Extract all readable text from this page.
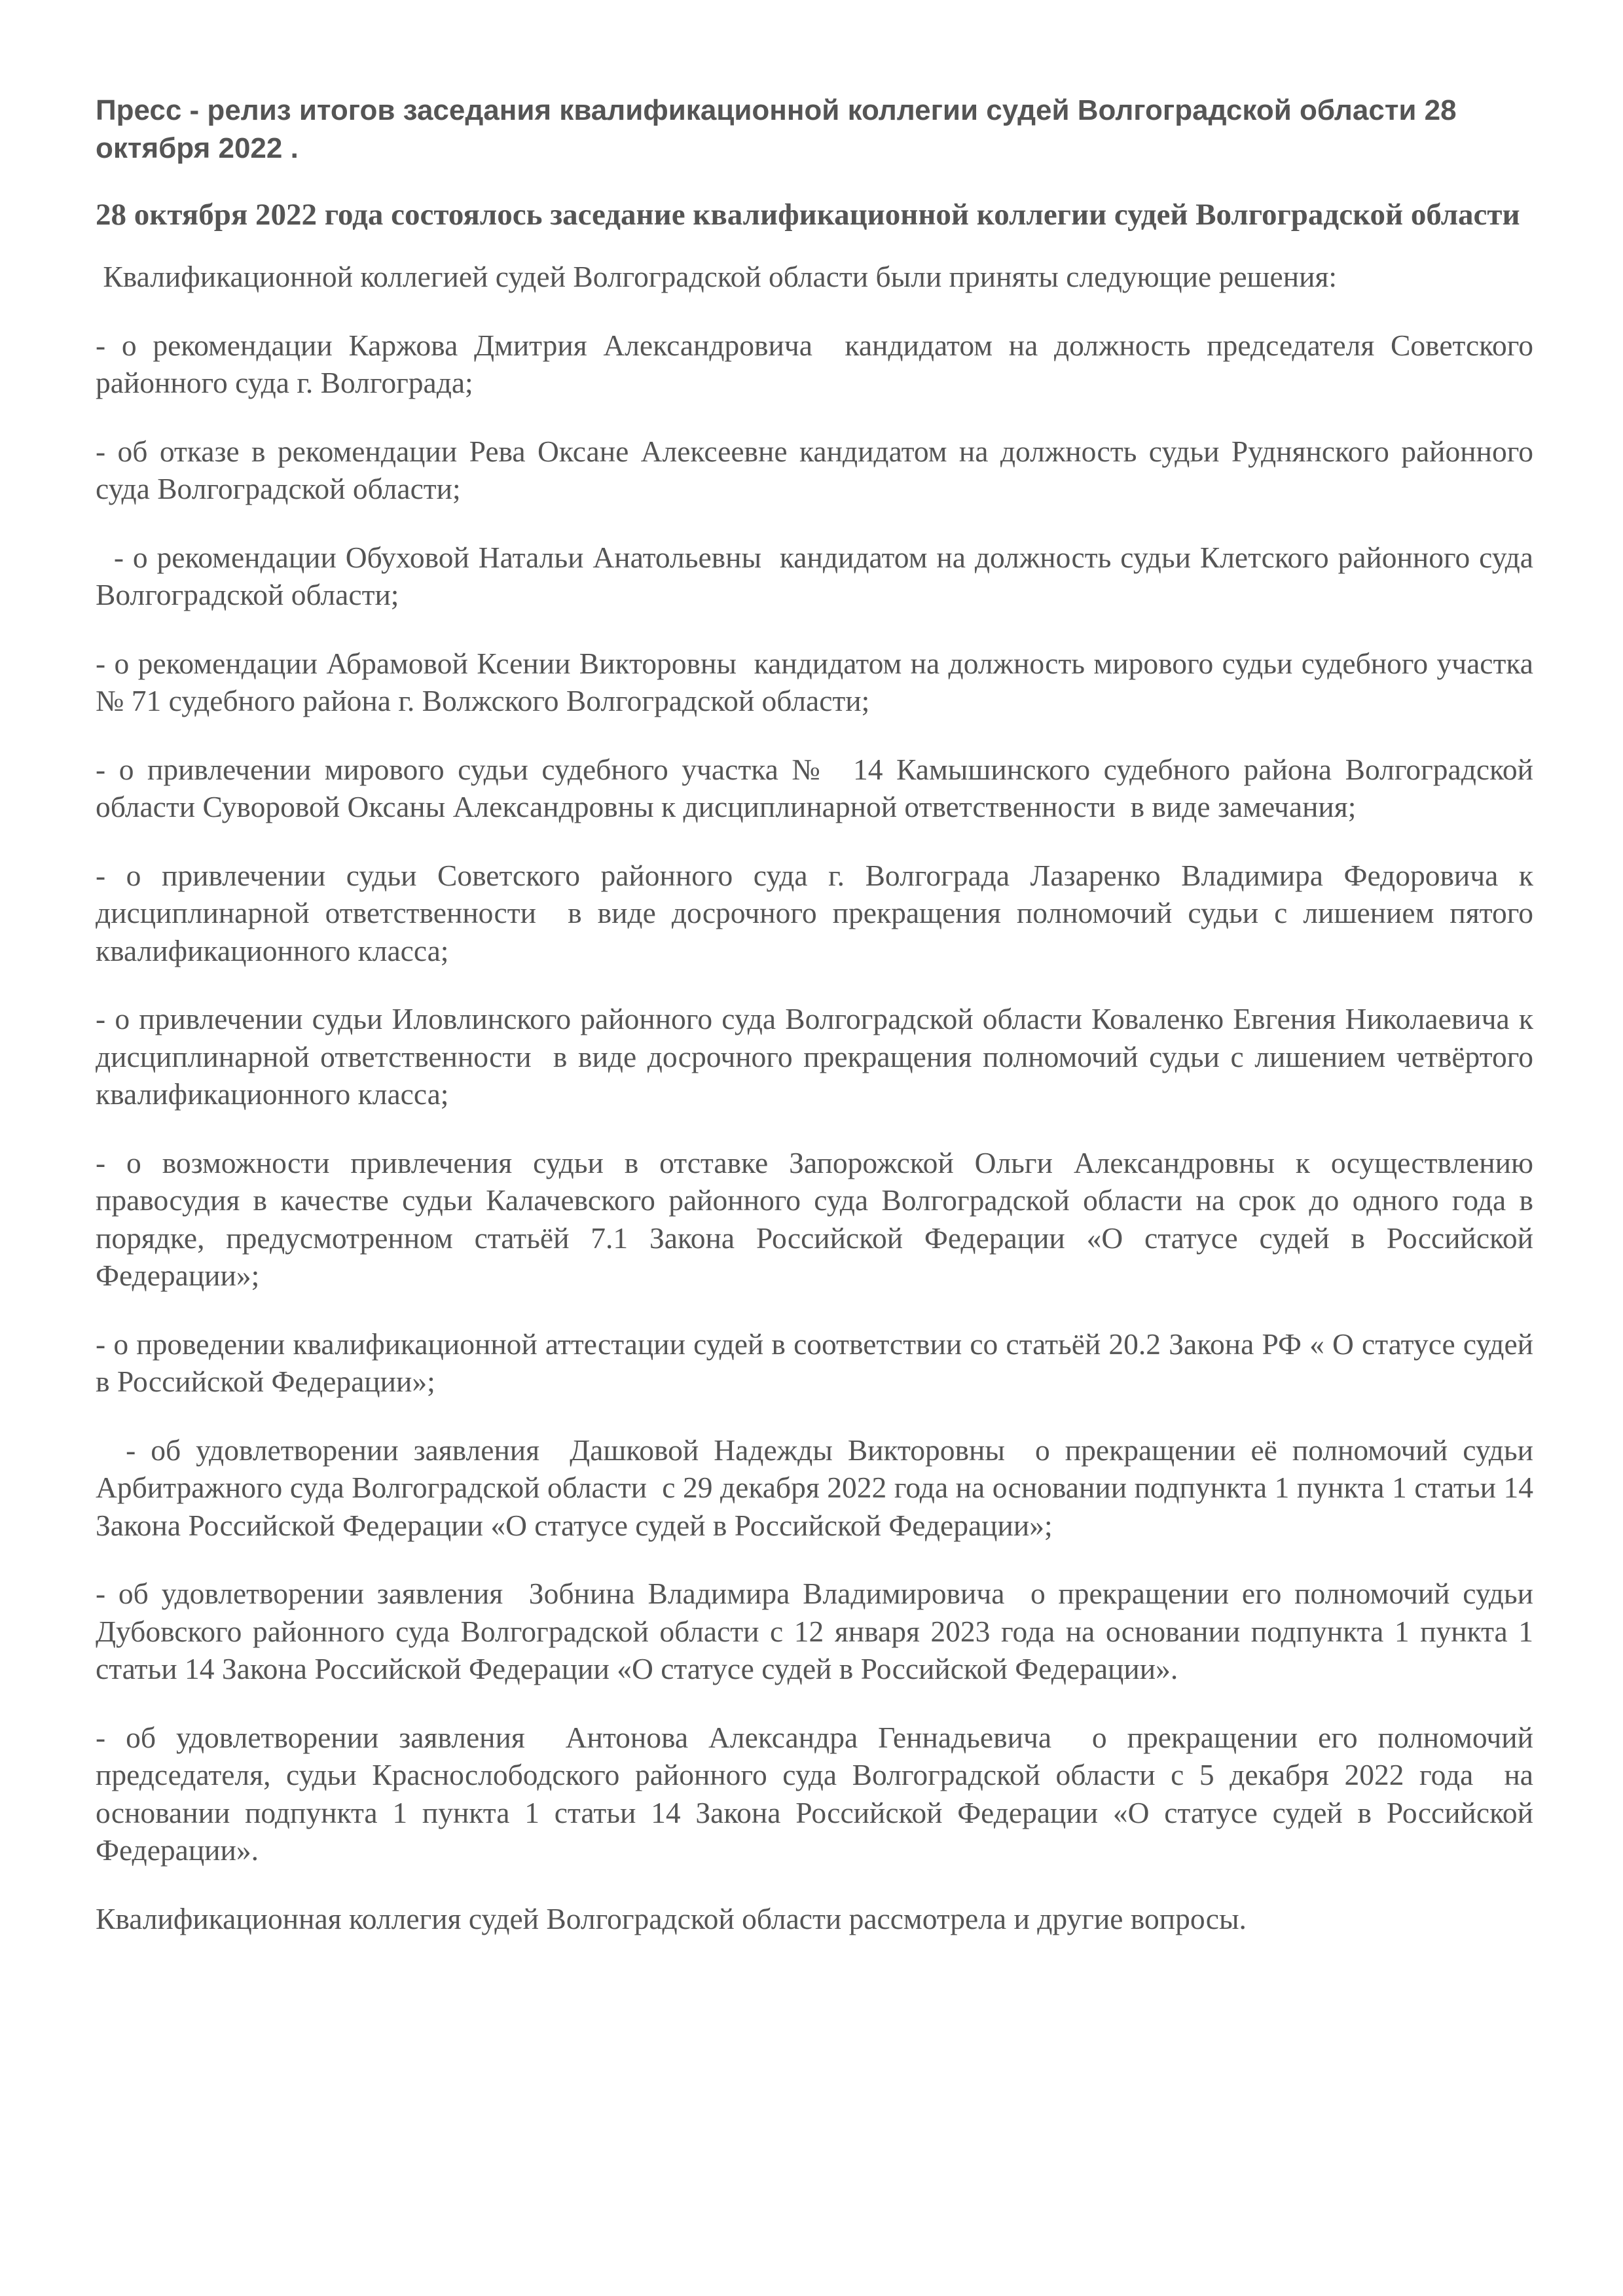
Пресс - релиз итогов заседания квалификационной коллегии судей Волгоградской области 28 октября 2022 .

28 октября 2022 года состоялось заседание квалификационной коллегии судей Волгоградской области

Квалификационной коллегией судей Волгоградской области были приняты следующие решения:

- о рекомендации Каржова Дмитрия Александровича  кандидатом на должность председателя Советского районного суда г. Волгограда;
- об отказе в рекомендации Рева Оксане Алексеевне кандидатом на должность судьи Руднянского районного суда Волгоградской области;
- о рекомендации Обуховой Натальи Анатольевны  кандидатом на должность судьи Клетского районного суда Волгоградской области;
- о рекомендации Абрамовой Ксении Викторовны  кандидатом на должность мирового судьи судебного участка № 71 судебного района г. Волжского Волгоградской области;
- о привлечении мирового судьи судебного участка №  14 Камышинского судебного района Волгоградской области Суворовой Оксаны Александровны к дисциплинарной ответственности  в виде замечания;
- о привлечении судьи Советского районного суда г. Волгограда Лазаренко Владимира Федоровича к дисциплинарной ответственности  в виде досрочного прекращения полномочий судьи с лишением пятого квалификационного класса;
- о привлечении судьи Иловлинского районного суда Волгоградской области Коваленко Евгения Николаевича к дисциплинарной ответственности  в виде досрочного прекращения полномочий судьи с лишением четвёртого квалификационного класса;
- о возможности привлечения судьи в отставке Запорожской Ольги Александровны к осуществлению правосудия в качестве судьи Калачевского районного суда Волгоградской области на срок до одного года в порядке, предусмотренном статьёй 7.1 Закона Российской Федерации «О статусе судей в Российской Федерации»;
- о проведении квалификационной аттестации судей в соответствии со статьёй 20.2 Закона РФ « О статусе судей в Российской Федерации»;
- об удовлетворении заявления  Дашковой Надежды Викторовны  о прекращении её полномочий судьи Арбитражного суда Волгоградской области  с 29 декабря 2022 года на основании подпункта 1 пункта 1 статьи 14 Закона Российской Федерации «О статусе судей в Российской Федерации»;
- об удовлетворении заявления  Зобнина Владимира Владимировича  о прекращении его полномочий судьи Дубовского районного суда Волгоградской области с 12 января 2023 года на основании подпункта 1 пункта 1 статьи 14 Закона Российской Федерации «О статусе судей в Российской Федерации».
- об удовлетворении заявления  Антонова Александра Геннадьевича  о прекращении его полномочий председателя, судьи Краснослободского районного суда Волгоградской области с 5 декабря 2022 года  на основании подпункта 1 пункта 1 статьи 14 Закона Российской Федерации «О статусе судей в Российской Федерации».

Квалификационная коллегия судей Волгоградской области рассмотрела и другие вопросы.
